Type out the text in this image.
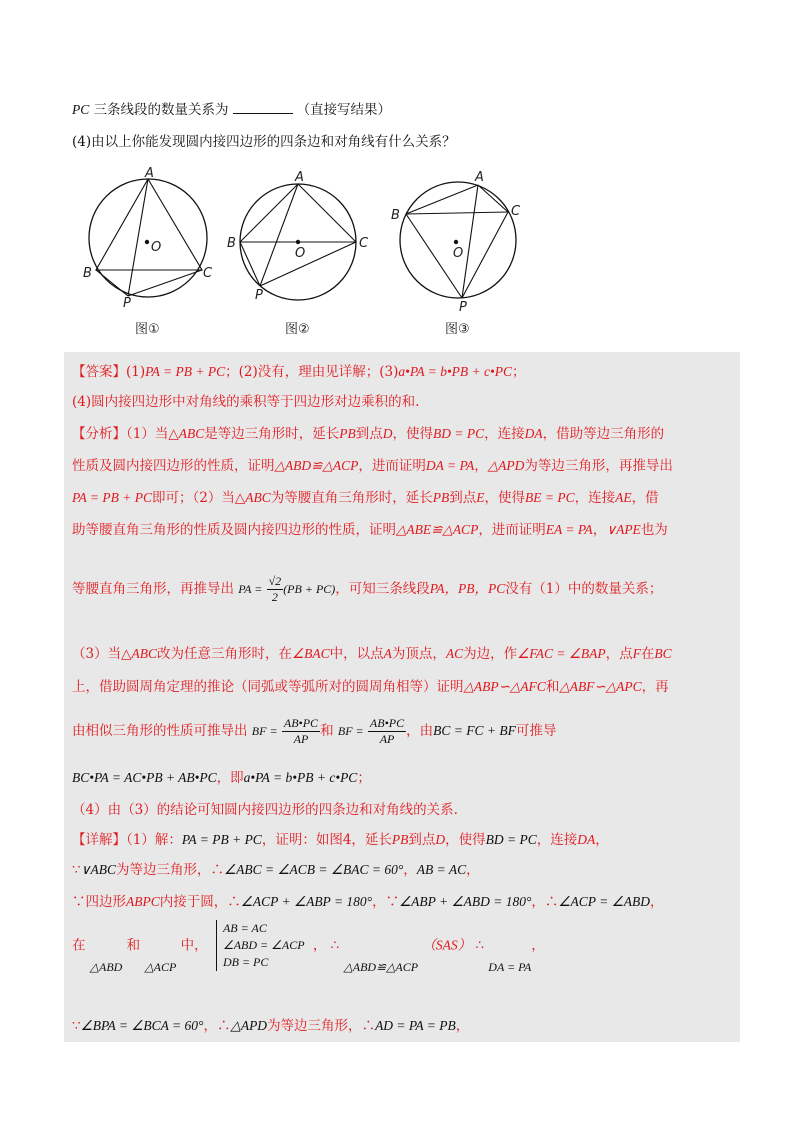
PC 三条线段的数量关系为	（直接写结果）
(4)由以上你能发现圆内接四边形的四条边和对角线有什么关系？
A
B	C
P
O
图①
A
B	C
P
O
图②
A
B	C
P
O
图③
【答案】(1)PA = PB + PC；(2)没有，理由见详解；(3)a•PA = b•PB + c•PC；
(4)圆内接四边形中对角线的乘积等于四边形对边乘积的和.
【分析】（1）当△ABC是等边三角形时，延长PB到点D，使得BD = PC，连接DA，借助等边三角形的
性质及圆内接四边形的性质，证明△ABD≌△ACP，进而证明DA = PA，△APD为等边三角形，再推导出
PA = PB + PC即可；（2）当△ABC为等腰直角三角形时，延长PB到点E，使得BE = PC，连接AE，借
助等腰直角三角形的性质及圆内接四边形的性质，证明△ABE≌△ACP，进而证明EA = PA，∨APE也为
等腰直角三角形，再推导出 PA = $\frac{√2}{2} (PB + PC)$，可知三条线段PA，PB，PC没有（1）中的数量关系；
（3）当△ABC改为任意三角形时，在∠BAC中，以点A为顶点，AC为边，作∠FAC = ∠BAP，点F在BC
上，借助圆周角定理的推论（同弧或等弧所对的圆周角相等）证明△ABP∽△AFC和△ABF∽△APC，再
由相似三角形的性质可推导出 BF = $\frac{AB•PC}{AP}$ 和 BF = $\frac{AB•PC}{AP}$ ，由BC = FC + BF可推导
BC•PA = AC•PB + AB•PC，即a•PA = b•PB + c•PC；
（4）由（3）的结论可知圆内接四边形的四条边和对角线的关系.
【详解】（1）解：PA = PB + PC，证明：如图4，延长PB到点D，使得BD = PC，连接DA，
∵∨ABC为等边三角形，∴∠ABC = ∠ACB = ∠BAC = 60°，AB = AC，
∵四边形ABPC内接于圆，∴∠ACP + ∠ABP = 180°，∵∠ABP + ∠ABD = 180°，∴∠ACP = ∠ABD，
在 △ABD 和 △ACP 中，
AB = AC
∠ABD = ∠ACP
DB = PC
， ∴ △ABD≌△ACP （SAS） ∴ DA = PA，
∵∠BPA = ∠BCA = 60°，∴△APD为等边三角形，∴AD = PA = PB，
